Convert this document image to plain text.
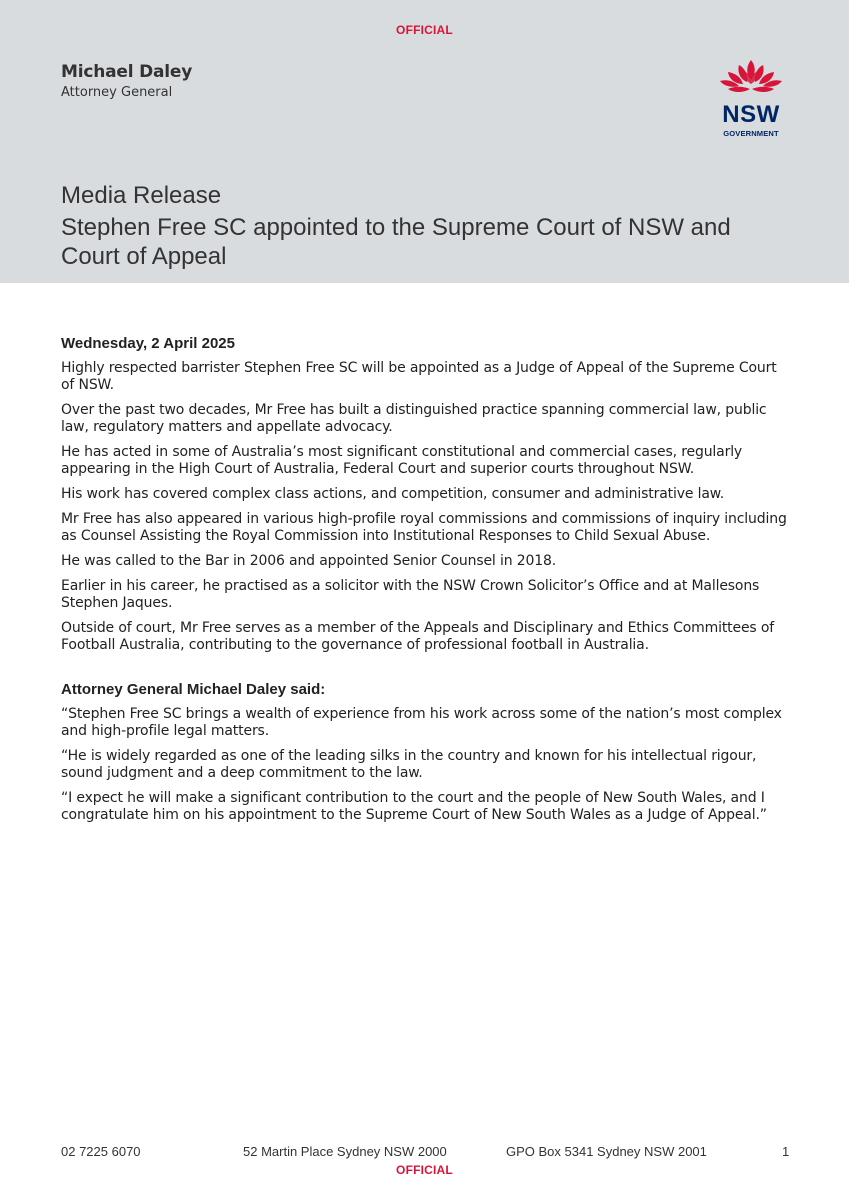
OFFICIAL
Michael Daley
Attorney General
NSW
GOVERNMENT
Media Release
Stephen Free SC appointed to the Supreme Court of NSW and Court of Appeal
Wednesday, 2 April 2025

Highly respected barrister Stephen Free SC will be appointed as a Judge of Appeal of the Supreme Court of NSW.

Over the past two decades, Mr Free has built a distinguished practice spanning commercial law, public law, regulatory matters and appellate advocacy.

He has acted in some of Australia’s most significant constitutional and commercial cases, regularly appearing in the High Court of Australia, Federal Court and superior courts throughout NSW.

His work has covered complex class actions, and competition, consumer and administrative law.

Mr Free has also appeared in various high-profile royal commissions and commissions of inquiry including as Counsel Assisting the Royal Commission into Institutional Responses to Child Sexual Abuse.

He was called to the Bar in 2006 and appointed Senior Counsel in 2018.

Earlier in his career, he practised as a solicitor with the NSW Crown Solicitor’s Office and at Mallesons Stephen Jaques.

Outside of court, Mr Free serves as a member of the Appeals and Disciplinary and Ethics Committees of Football Australia, contributing to the governance of professional football in Australia.

Attorney General Michael Daley said:

“Stephen Free SC brings a wealth of experience from his work across some of the nation’s most complex and high-profile legal matters.

“He is widely regarded as one of the leading silks in the country and known for his intellectual rigour, sound judgment and a deep commitment to the law.

“I expect he will make a significant contribution to the court and the people of New South Wales, and I congratulate him on his appointment to the Supreme Court of New South Wales as a Judge of Appeal.”

02 7225 6070	52 Martin Place Sydney NSW 2000	GPO Box 5341 Sydney NSW 2001	1
OFFICIAL
